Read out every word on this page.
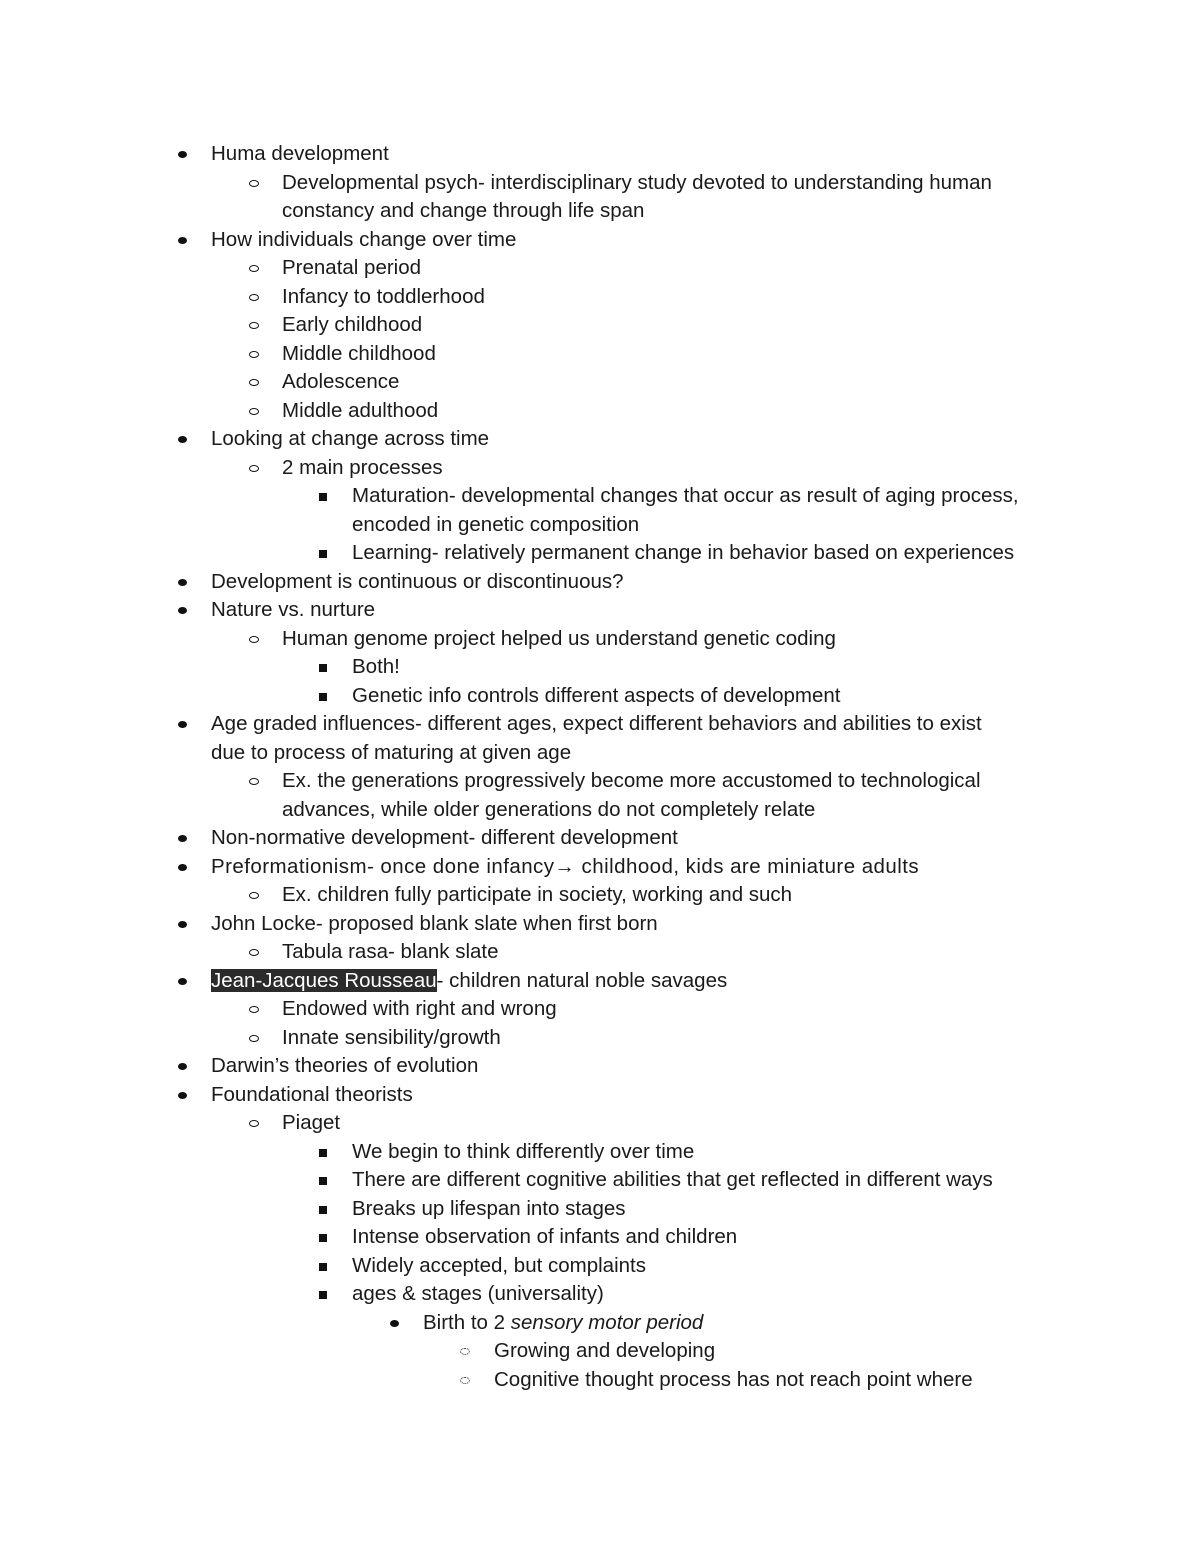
Huma development
Developmental psych- interdisciplinary study devoted to understanding human
constancy and change through life span
How individuals change over time
Prenatal period
Infancy to toddlerhood
Early childhood
Middle childhood
Adolescence
Middle adulthood
Looking at change across time
2 main processes
Maturation- developmental changes that occur as result of aging process,
encoded in genetic composition
Learning- relatively permanent change in behavior based on experiences
Development is continuous or discontinuous?
Nature vs. nurture
Human genome project helped us understand genetic coding
Both!
Genetic info controls different aspects of development
Age graded influences- different ages, expect different behaviors and abilities to exist
due to process of maturing at given age
Ex. the generations progressively become more accustomed to technological
advances, while older generations do not completely relate
Non-normative development- different development
Preformationism- once done infancy→ childhood, kids are miniature adults
Ex. children fully participate in society, working and such
John Locke- proposed blank slate when first born
Tabula rasa- blank slate
Jean-Jacques Rousseau- children natural noble savages
Endowed with right and wrong
Innate sensibility/growth
Darwin’s theories of evolution
Foundational theorists
Piaget
We begin to think differently over time
There are different cognitive abilities that get reflected in different ways
Breaks up lifespan into stages
Intense observation of infants and children
Widely accepted, but complaints
ages & stages (universality)
Birth to 2 sensory motor period
Growing and developing
Cognitive thought process has not reach point where
